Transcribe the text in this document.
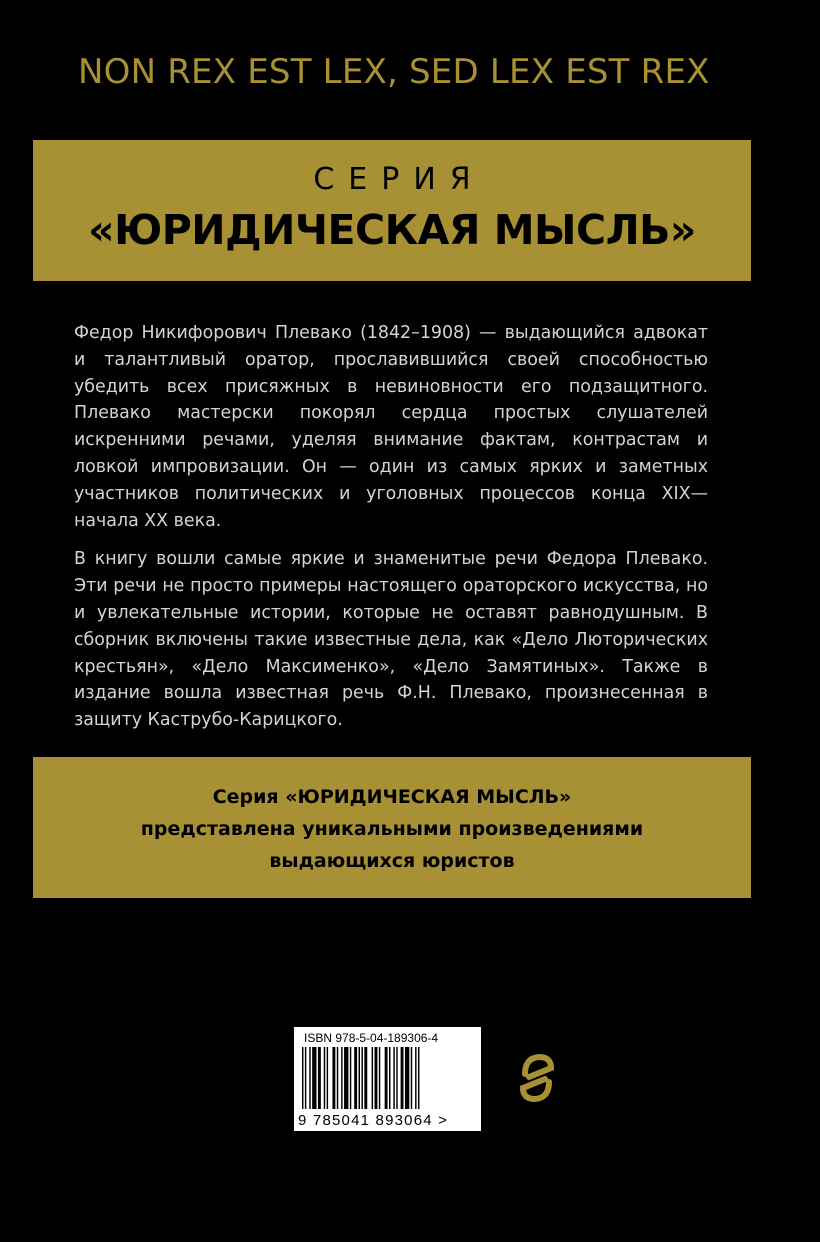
NON REX EST LEX, SED LEX EST REX
СЕРИЯ
«ЮРИДИЧЕСКАЯ МЫСЛЬ»

Федор Никифорович Плевако (1842–1908) — выдающийся адвокат и талантливый оратор, прославившийся своей способностью убедить всех присяжных в невиновности его подзащитного. Плевако мастерски покорял сердца простых слушателей искренними речами, уделяя внимание фактам, контрастам и ловкой импровизации. Он — один из самых ярких и заметных участников политических и уголовных процессов конца XIX— начала XX века.

В книгу вошли самые яркие и знаменитые речи Федора Плевако. Эти речи не просто примеры настоящего ораторского искусства, но и увлекательные истории, которые не оставят равнодушным. В сборник включены такие известные дела, как «Дело Люторических крестьян», «Дело Максименко», «Дело Замятиных». Также в издание вошла известная речь Ф.Н. Плевако, произнесенная в защиту Каструбо-Карицкого.

Серия «ЮРИДИЧЕСКАЯ МЫСЛЬ»
представлена уникальными произведениями
выдающихся юристов
ISBN 978-5-04-189306-4
9 785041 893064 >
